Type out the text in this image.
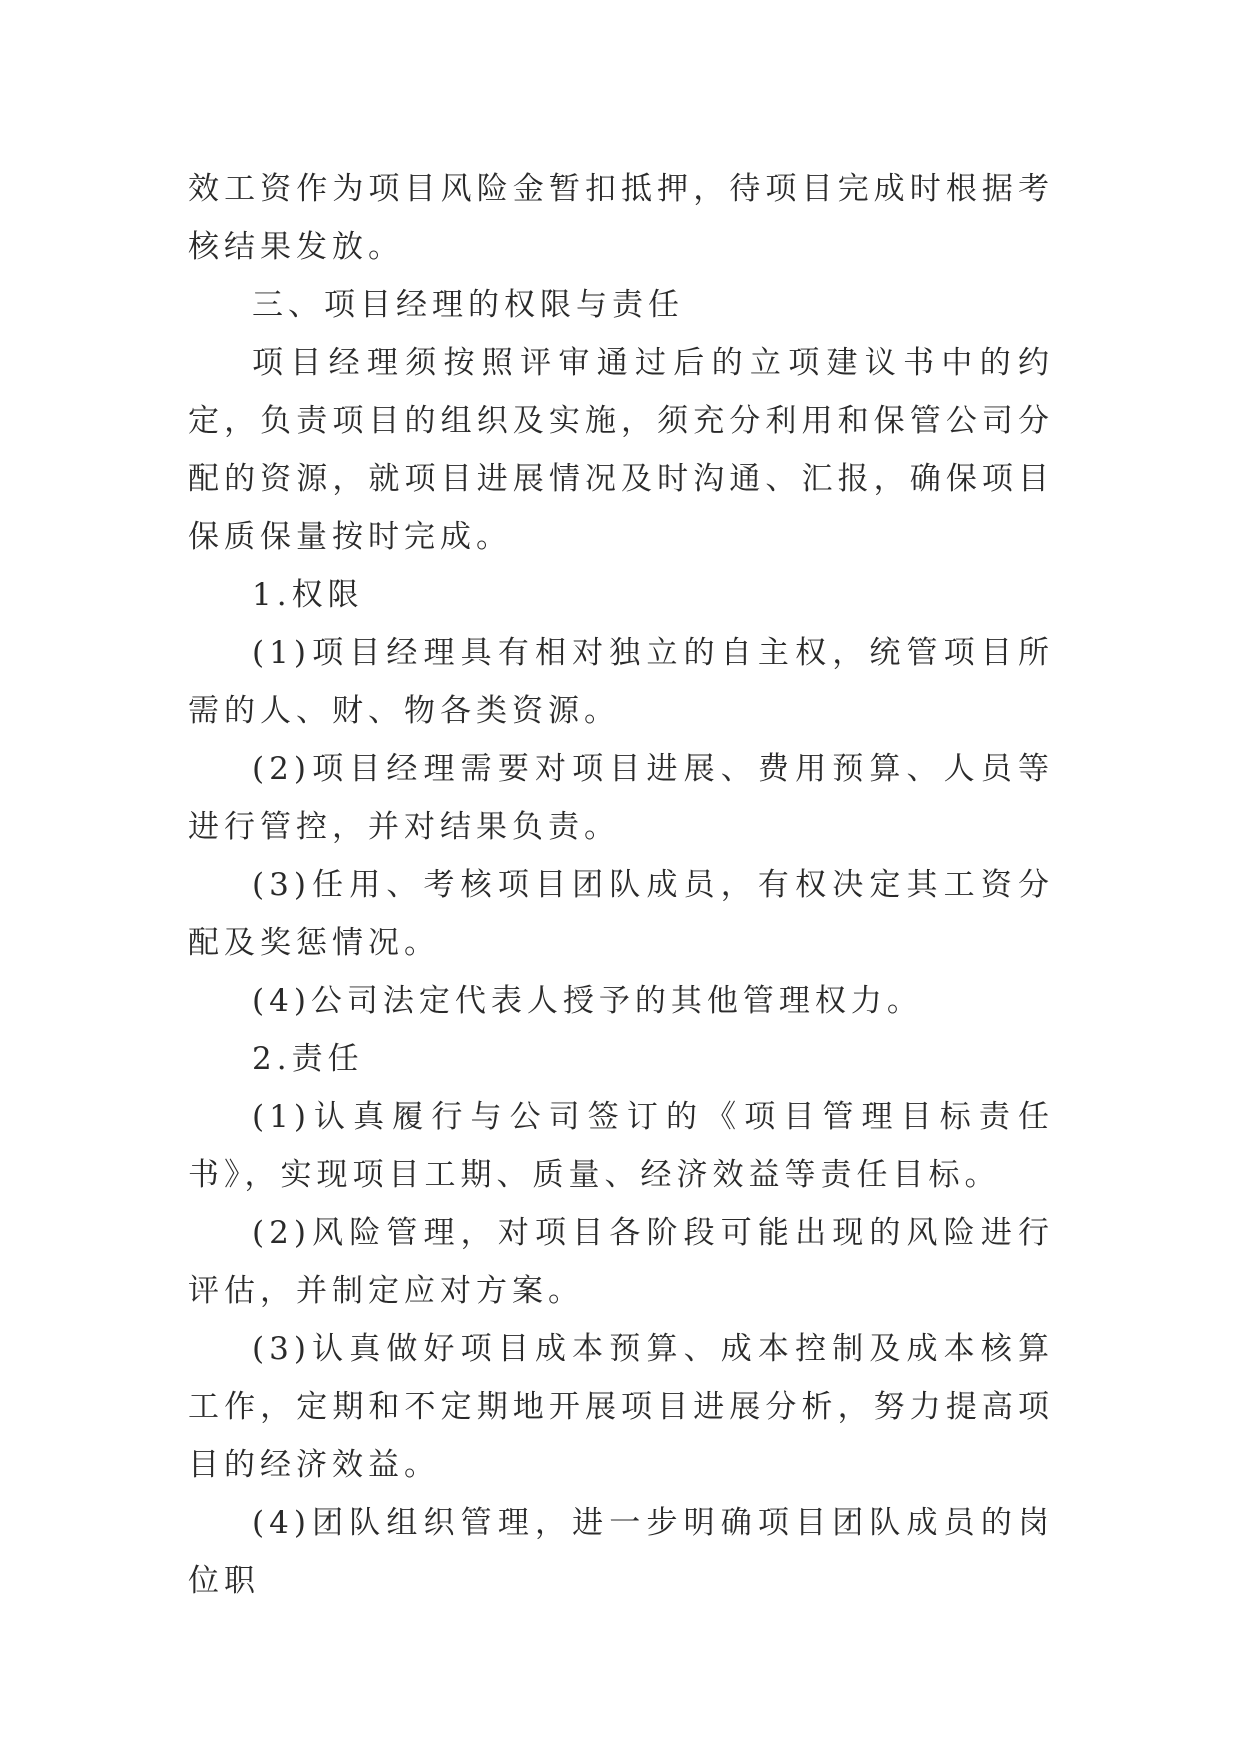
效工资作为项目风险金暂扣抵押，待项目完成时根据考核结果发放。

三、项目经理的权限与责任

项目经理须按照评审通过后的立项建议书中的约定，负责项目的组织及实施，须充分利用和保管公司分配的资源，就项目进展情况及时沟通、汇报，确保项目保质保量按时完成。

1.权限

(1)项目经理具有相对独立的自主权，统管项目所需的人、财、物各类资源。

(2)项目经理需要对项目进展、费用预算、人员等进行管控，并对结果负责。

(3)任用、考核项目团队成员，有权决定其工资分配及奖惩情况。

(4)公司法定代表人授予的其他管理权力。

2.责任

(1)认真履行与公司签订的《项目管理目标责任书》，实现项目工期、质量、经济效益等责任目标。

(2)风险管理，对项目各阶段可能出现的风险进行评估，并制定应对方案。

(3)认真做好项目成本预算、成本控制及成本核算工作，定期和不定期地开展项目进展分析，努力提高项目的经济效益。

(4)团队组织管理，进一步明确项目团队成员的岗位职
